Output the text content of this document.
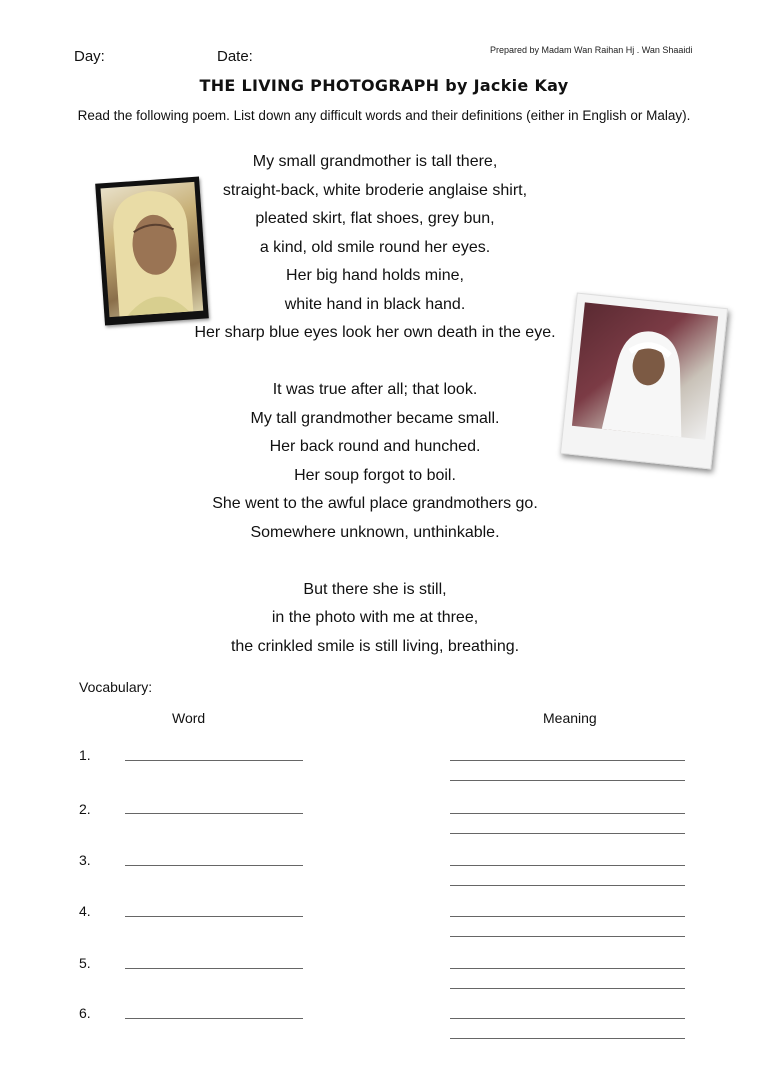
Day:	Date:	Prepared by Madam Wan Raihan Hj . Wan Shaaidi
THE LIVING PHOTOGRAPH by Jackie Kay
Read the following poem. List down any difficult words and their definitions (either in English or Malay).
My small grandmother is tall there,
straight-back, white broderie anglaise shirt,
pleated skirt, flat shoes, grey bun,
a kind, old smile round her eyes.
Her big hand holds mine,
white hand in black hand.
Her sharp blue eyes look her own death in the eye.
It was true after all; that look.
My tall grandmother became small.
Her back round and hunched.
Her soup forgot to boil.
She went to the awful place grandmothers go.
Somewhere unknown, unthinkable.
But there she is still,
in the photo with me at three,
the crinkled smile is still living, breathing.
Vocabulary:
Word	Meaning
1.
2.
3.
4.
5.
6.
